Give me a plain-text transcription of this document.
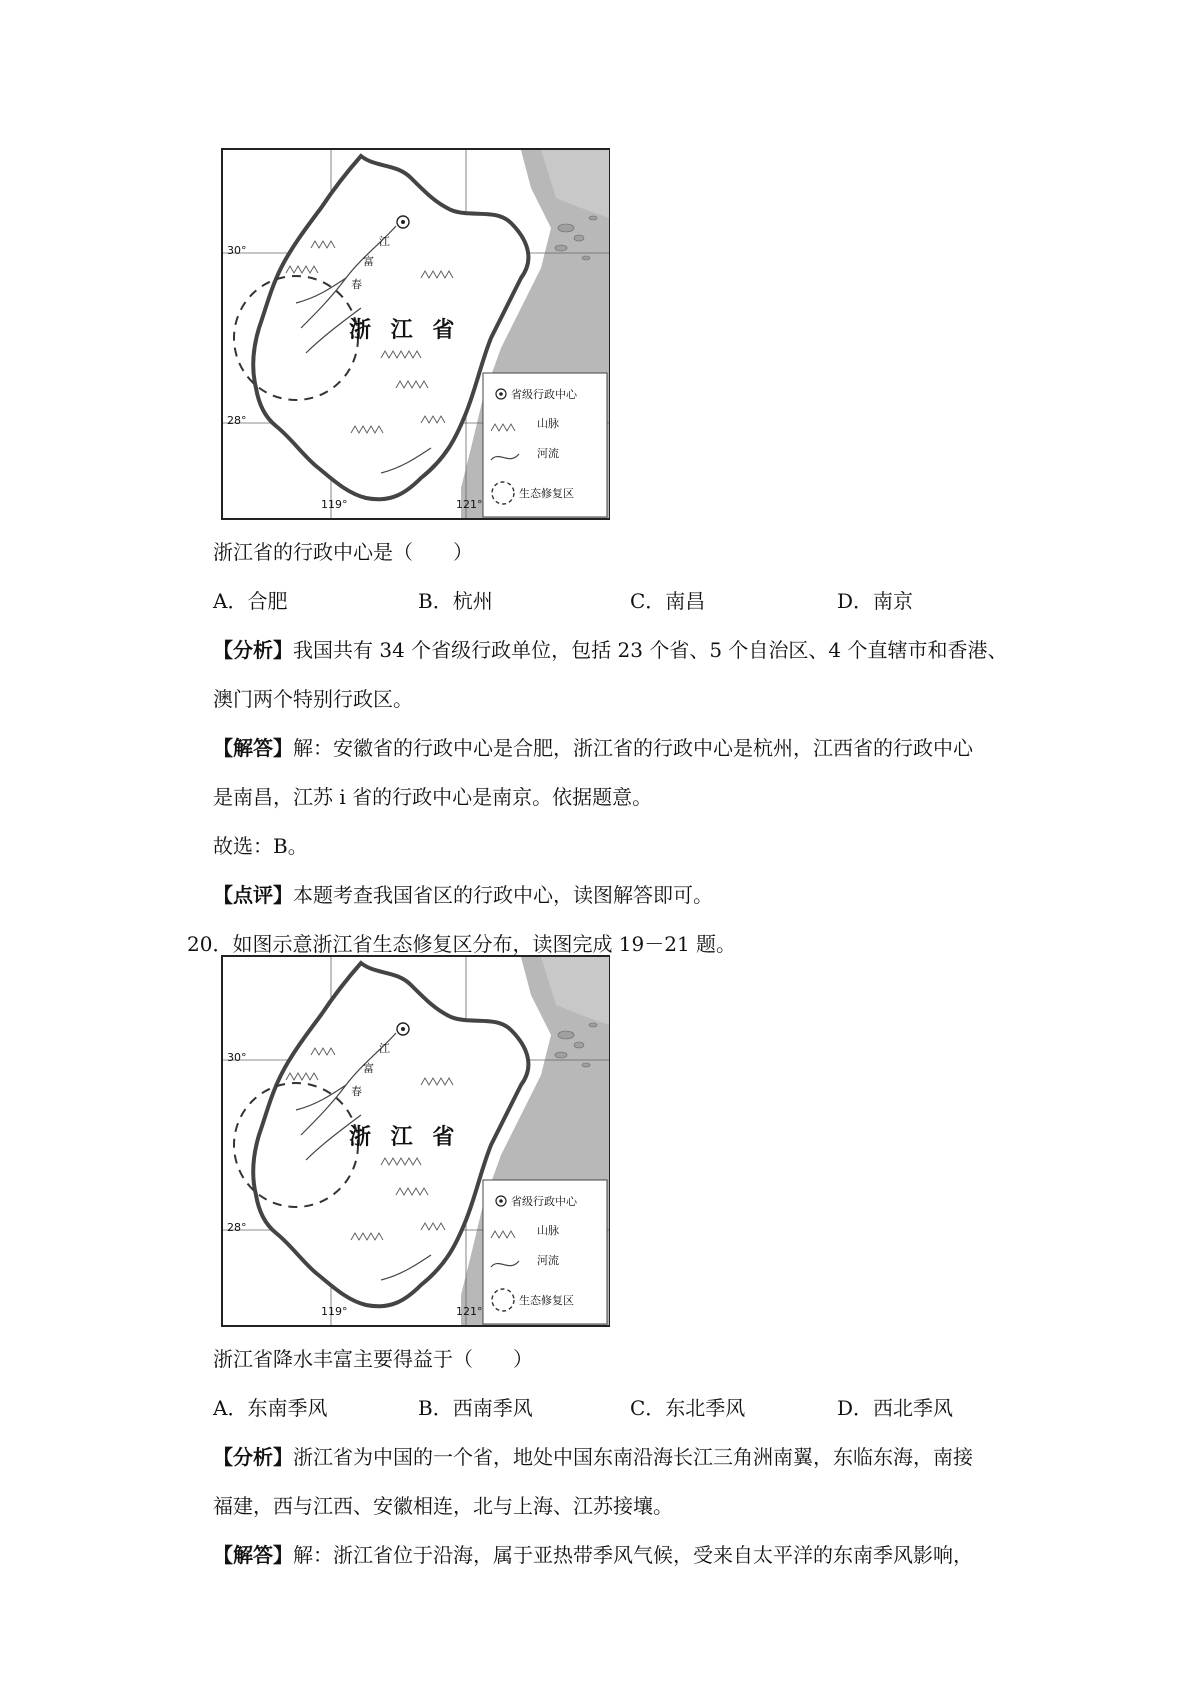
浙 江 省
30°
28°
119°	121°
江
富
春
省级行政中心
山脉
河流
生态修复区
浙江省的行政中心是（　　）
A．合肥	B．杭州	C．南昌	D．南京
【分析】我国共有 34 个省级行政单位，包括 23 个省、5 个自治区、4 个直辖市和香港、
澳门两个特别行政区。
【解答】解：安徽省的行政中心是合肥，浙江省的行政中心是杭州，江西省的行政中心
是南昌，江苏 i 省的行政中心是南京。依据题意。
故选：B。
【点评】本题考查我国省区的行政中心，读图解答即可。
20．如图示意浙江省生态修复区分布，读图完成 19－21 题。
浙 江 省
30°
28°
119°	121°
江
富
春
省级行政中心
山脉
河流
生态修复区
浙江省降水丰富主要得益于（　　）
A．东南季风	B．西南季风	C．东北季风	D．西北季风
【分析】浙江省为中国的一个省，地处中国东南沿海长江三角洲南翼，东临东海，南接
福建，西与江西、安徽相连，北与上海、江苏接壤。
【解答】解：浙江省位于沿海，属于亚热带季风气候，受来自太平洋的东南季风影响，
